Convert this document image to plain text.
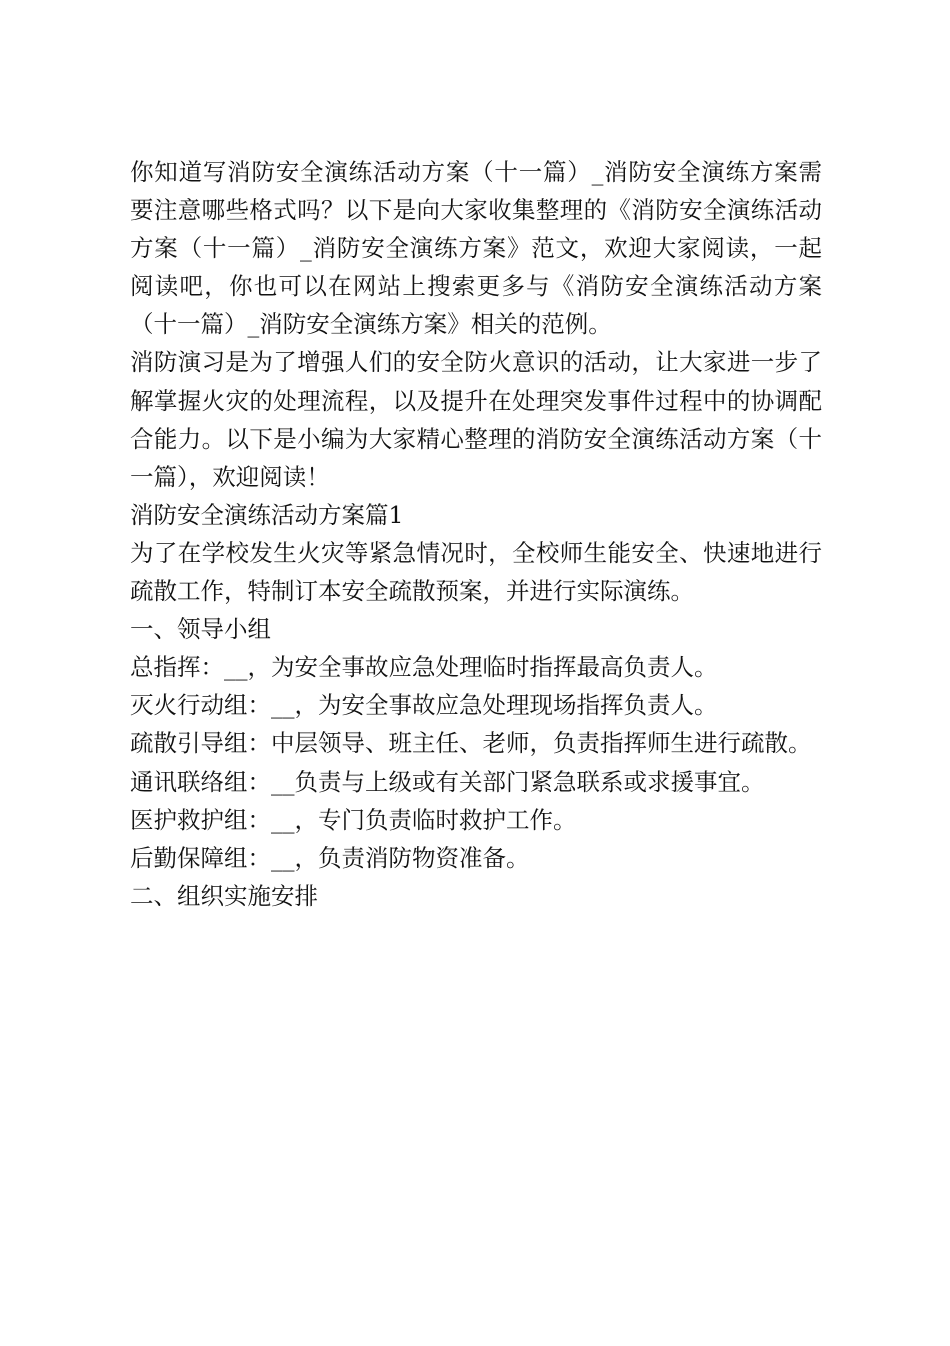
你知道写消防安全演练活动方案（十一篇）_消防安全演练方案需要注意哪些格式吗？以下是向大家收集整理的《消防安全演练活动方案（十一篇）_消防安全演练方案》范文，欢迎大家阅读，一起阅读吧，你也可以在网站上搜索更多与《消防安全演练活动方案（十一篇）_消防安全演练方案》相关的范例。

消防演习是为了增强人们的安全防火意识的活动，让大家进一步了解掌握火灾的处理流程，以及提升在处理突发事件过程中的协调配合能力。以下是小编为大家精心整理的消防安全演练活动方案（十一篇），欢迎阅读！

消防安全演练活动方案篇1

为了在学校发生火灾等紧急情况时，全校师生能安全、快速地进行疏散工作，特制订本安全疏散预案，并进行实际演练。

一、领导小组

总指挥：__，为安全事故应急处理临时指挥最高负责人。

灭火行动组：__，为安全事故应急处理现场指挥负责人。

疏散引导组：中层领导、班主任、老师，负责指挥师生进行疏散。

通讯联络组：__负责与上级或有关部门紧急联系或求援事宜。

医护救护组：__，专门负责临时救护工作。

后勤保障组：__，负责消防物资准备。

二、组织实施安排
